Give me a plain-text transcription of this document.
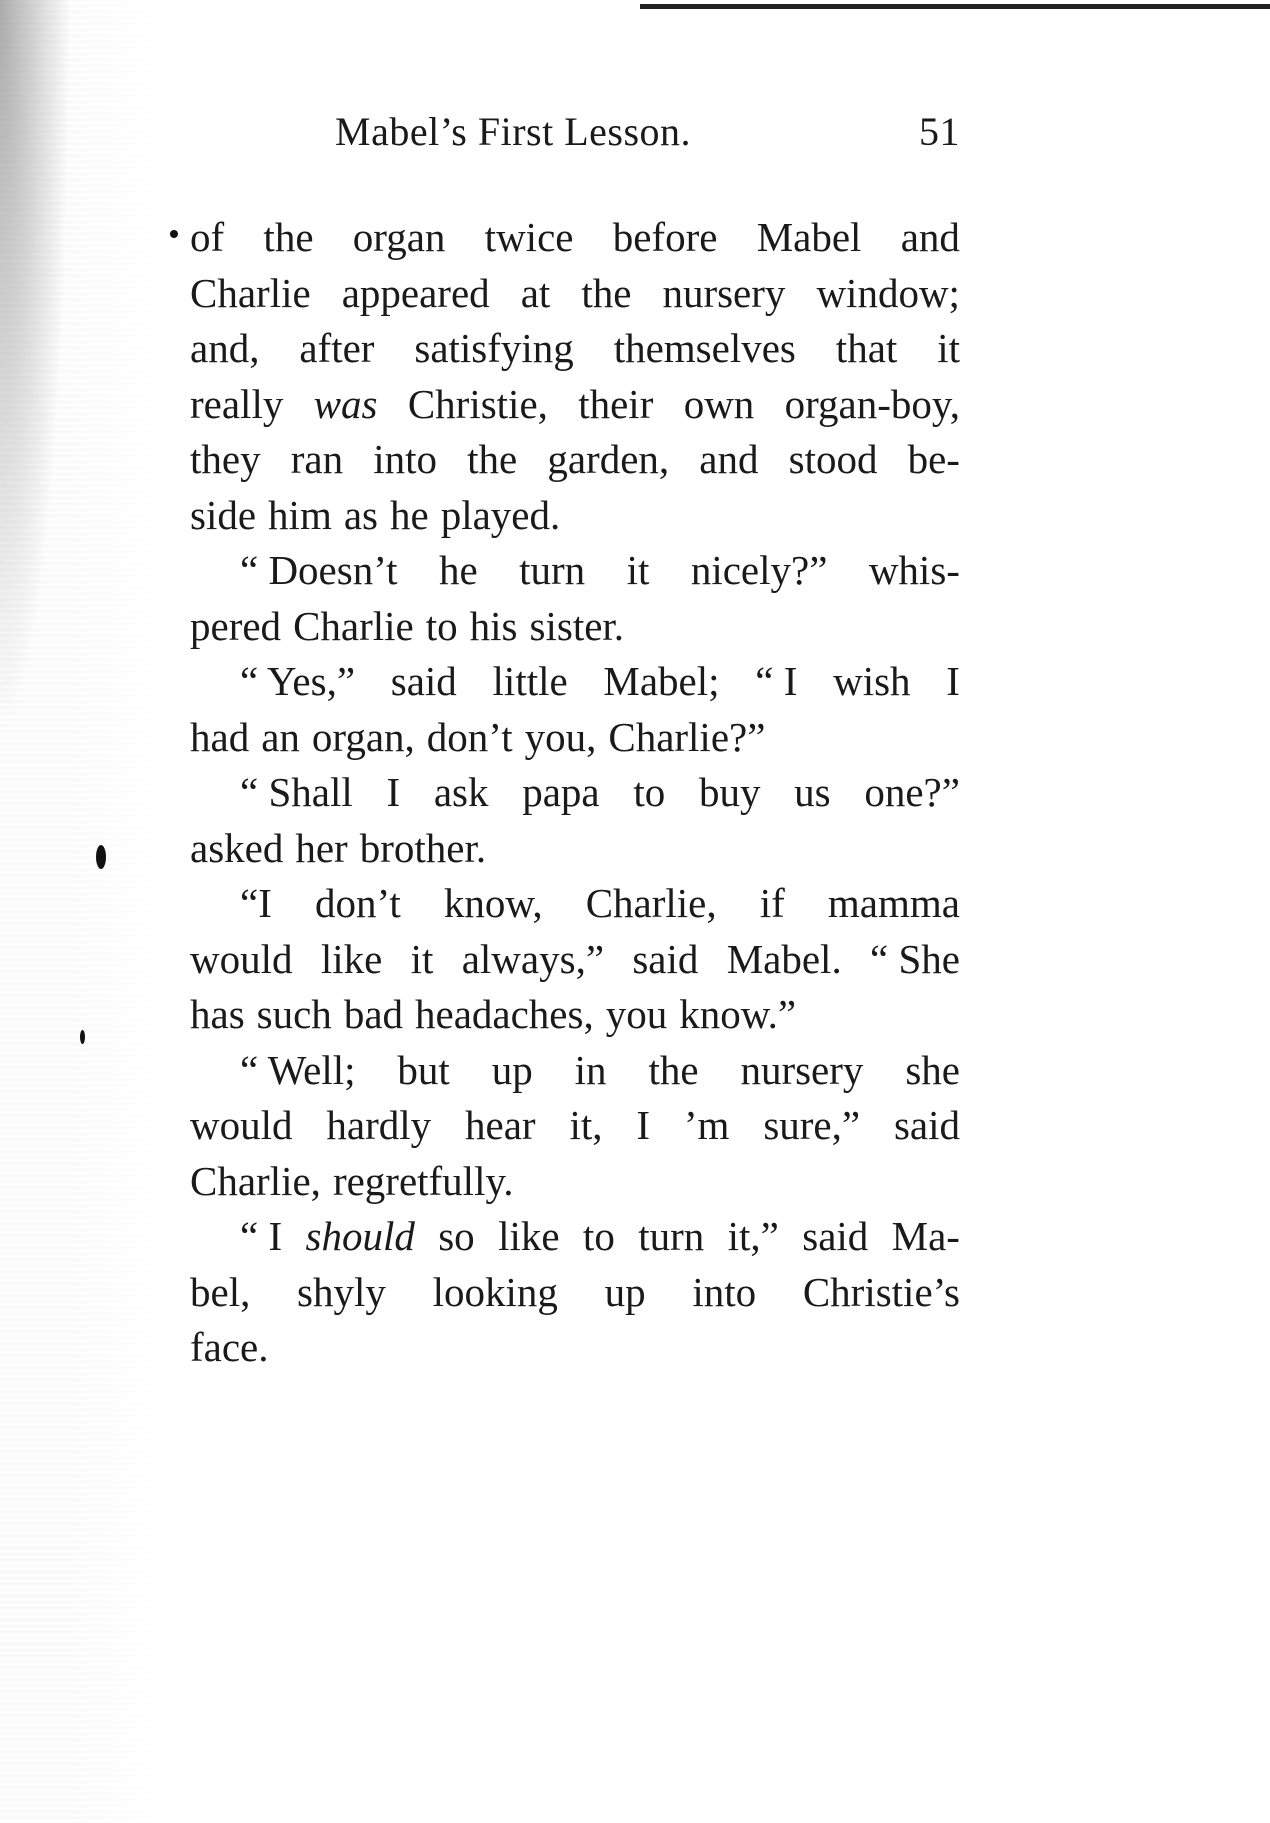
Mabel’s First Lesson.	51
of the organ twice before Mabel and
Charlie appeared at the nursery window;
and, after satisfying themselves that it
really was Christie, their own organ-boy,
they ran into the garden, and stood be-
side him as he played.
“ Doesn’t he turn it nicely?” whis-
pered Charlie to his sister.
“ Yes,” said little Mabel; “ I wish I
had an organ, don’t you, Charlie?”
“ Shall I ask papa to buy us one?”
asked her brother.
“I don’t know, Charlie, if mamma
would like it always,” said Mabel. “ She
has such bad headaches, you know.”
“ Well; but up in the nursery she
would hardly hear it, I ’m sure,” said
Charlie, regretfully.
“ I should so like to turn it,” said Ma-
bel, shyly looking up into Christie’s
face.
